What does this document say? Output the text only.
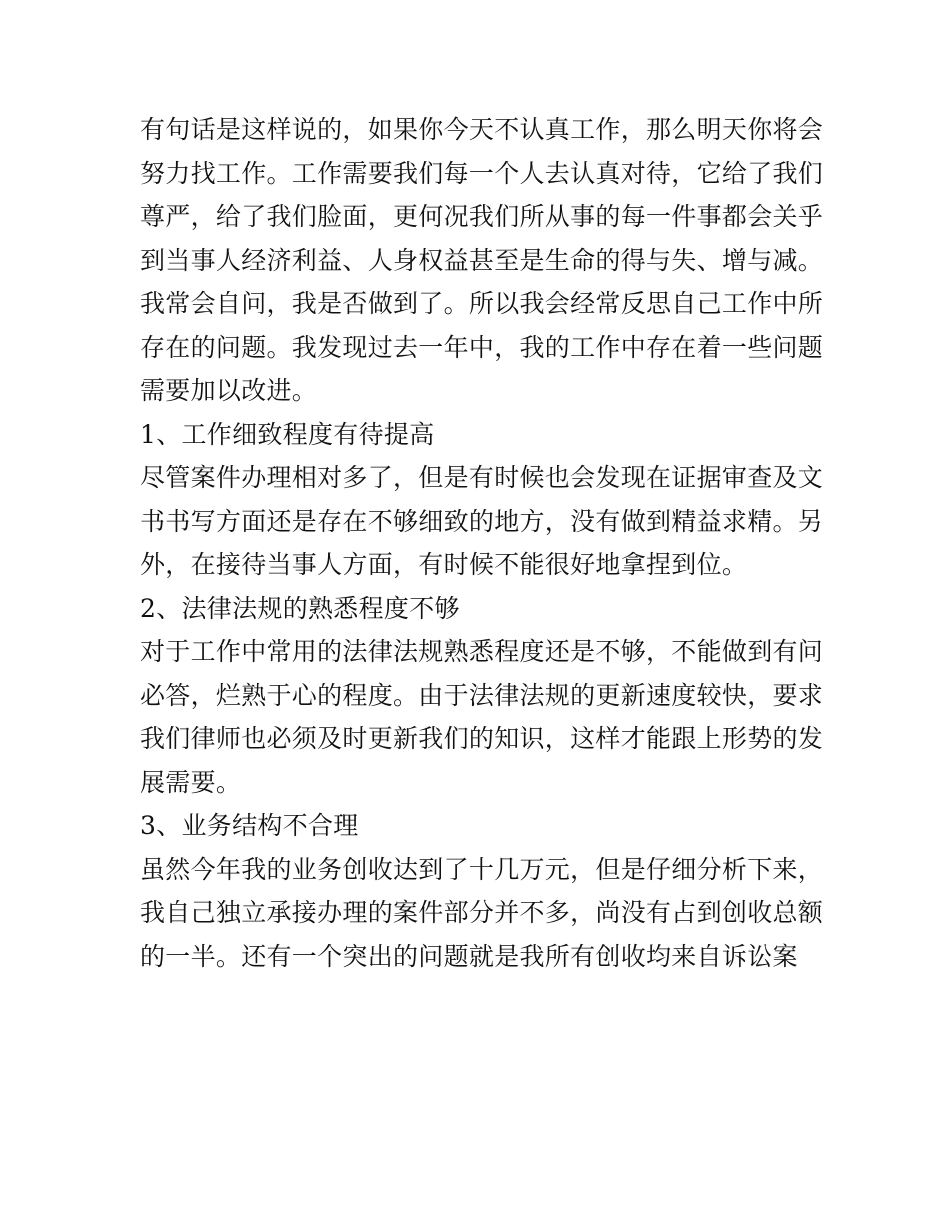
有句话是这样说的，如果你今天不认真工作，那么明天你将会
努力找工作。工作需要我们每一个人去认真对待，它给了我们
尊严，给了我们脸面，更何况我们所从事的每一件事都会关乎
到当事人经济利益、人身权益甚至是生命的得与失、增与减。
我常会自问，我是否做到了。所以我会经常反思自己工作中所
存在的问题。我发现过去一年中，我的工作中存在着一些问题
需要加以改进。
1、工作细致程度有待提高
尽管案件办理相对多了，但是有时候也会发现在证据审查及文
书书写方面还是存在不够细致的地方，没有做到精益求精。另
外，在接待当事人方面，有时候不能很好地拿捏到位。
2、法律法规的熟悉程度不够
对于工作中常用的法律法规熟悉程度还是不够，不能做到有问
必答，烂熟于心的程度。由于法律法规的更新速度较快，要求
我们律师也必须及时更新我们的知识，这样才能跟上形势的发
展需要。
3、业务结构不合理
虽然今年我的业务创收达到了十几万元，但是仔细分析下来，
我自己独立承接办理的案件部分并不多，尚没有占到创收总额
的一半。还有一个突出的问题就是我所有创收均来自诉讼案
